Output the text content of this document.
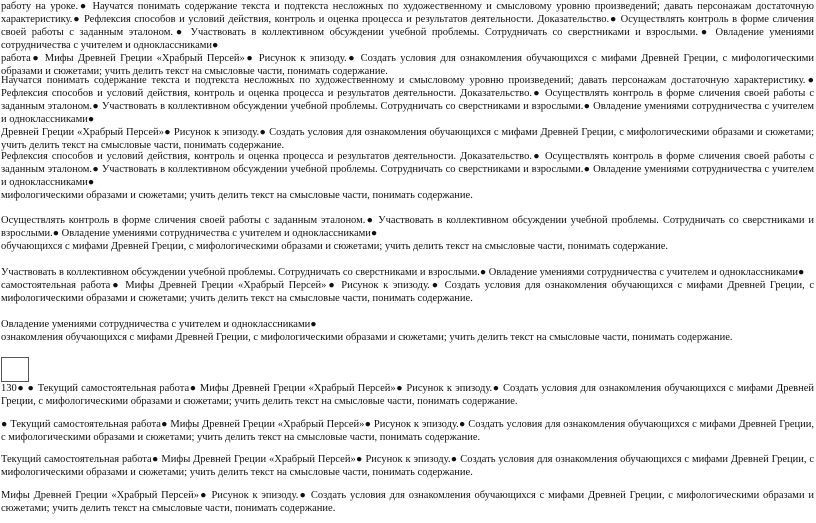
работу на уроке.● Научатся понимать содержание текста и подтекста несложных по художественному и смысловому уровню произведений; давать персонажам достаточную характеристику.● Рефлексия способов и условий действия, контроль и оценка процесса и результатов деятельности. Доказательство.● Осуществлять контроль в форме сличения своей работы с заданным эталоном.● Участвовать в коллективном обсуждении учебной проблемы. Сотрудничать со сверстниками и взрослыми.● Овладение умениями сотрудничества с учителем и одноклассниками●
работа● Мифы Древней Греции «Храбрый Персей»● Рисунок к эпизоду.● Создать условия для ознакомления обучающихся с мифами Древней Греции, с мифологическими образами и сюжетами; учить делить текст на смысловые части, понимать содержание.

Научатся понимать содержание текста и подтекста несложных по художественному и смысловому уровню произведений; давать персонажам достаточную характеристику.● Рефлексия способов и условий действия, контроль и оценка процесса и результатов деятельности. Доказательство.● Осуществлять контроль в форме сличения своей работы с заданным эталоном.● Участвовать в коллективном обсуждении учебной проблемы. Сотрудничать со сверстниками и взрослыми.● Овладение умениями сотрудничества с учителем и одноклассниками●
Древней Греции «Храбрый Персей»● Рисунок к эпизоду.● Создать условия для ознакомления обучающихся с мифами Древней Греции, с мифологическими образами и сюжетами; учить делить текст на смысловые части, понимать содержание.

Рефлексия способов и условий действия, контроль и оценка процесса и результатов деятельности. Доказательство.● Осуществлять контроль в форме сличения своей работы с заданным эталоном.● Участвовать в коллективном обсуждении учебной проблемы. Сотрудничать со сверстниками и взрослыми.● Овладение умениями сотрудничества с учителем и одноклассниками●
мифологическими образами и сюжетами; учить делить текст на смысловые части, понимать содержание.

Осуществлять контроль в форме сличения своей работы с заданным эталоном.● Участвовать в коллективном обсуждении учебной проблемы. Сотрудничать со сверстниками и взрослыми.● Овладение умениями сотрудничества с учителем и одноклассниками●
обучающихся с мифами Древней Греции, с мифологическими образами и сюжетами; учить делить текст на смысловые части, понимать содержание.

Участвовать в коллективном обсуждении учебной проблемы. Сотрудничать со сверстниками и взрослыми.● Овладение умениями сотрудничества с учителем и одноклассниками●
самостоятельная работа● Мифы Древней Греции «Храбрый Персей»● Рисунок к эпизоду.● Создать условия для ознакомления обучающихся с мифами Древней Греции, с мифологическими образами и сюжетами; учить делить текст на смысловые части, понимать содержание.

Овладение умениями сотрудничества с учителем и одноклассниками●
ознакомления обучающихся с мифами Древней Греции, с мифологическими образами и сюжетами; учить делить текст на смысловые части, понимать содержание.

130● ● Текущий самостоятельная работа● Мифы Древней Греции «Храбрый Персей»● Рисунок к эпизоду.● Создать условия для ознакомления обучающихся с мифами Древней Греции, с мифологическими образами и сюжетами; учить делить текст на смысловые части, понимать содержание.

● Текущий самостоятельная работа● Мифы Древней Греции «Храбрый Персей»● Рисунок к эпизоду.● Создать условия для ознакомления обучающихся с мифами Древней Греции, с мифологическими образами и сюжетами; учить делить текст на смысловые части, понимать содержание.

Текущий самостоятельная работа● Мифы Древней Греции «Храбрый Персей»● Рисунок к эпизоду.● Создать условия для ознакомления обучающихся с мифами Древней Греции, с мифологическими образами и сюжетами; учить делить текст на смысловые части, понимать содержание.

Мифы Древней Греции «Храбрый Персей»● Рисунок к эпизоду.● Создать условия для ознакомления обучающихся с мифами Древней Греции, с мифологическими образами и сюжетами; учить делить текст на смысловые части, понимать содержание.
